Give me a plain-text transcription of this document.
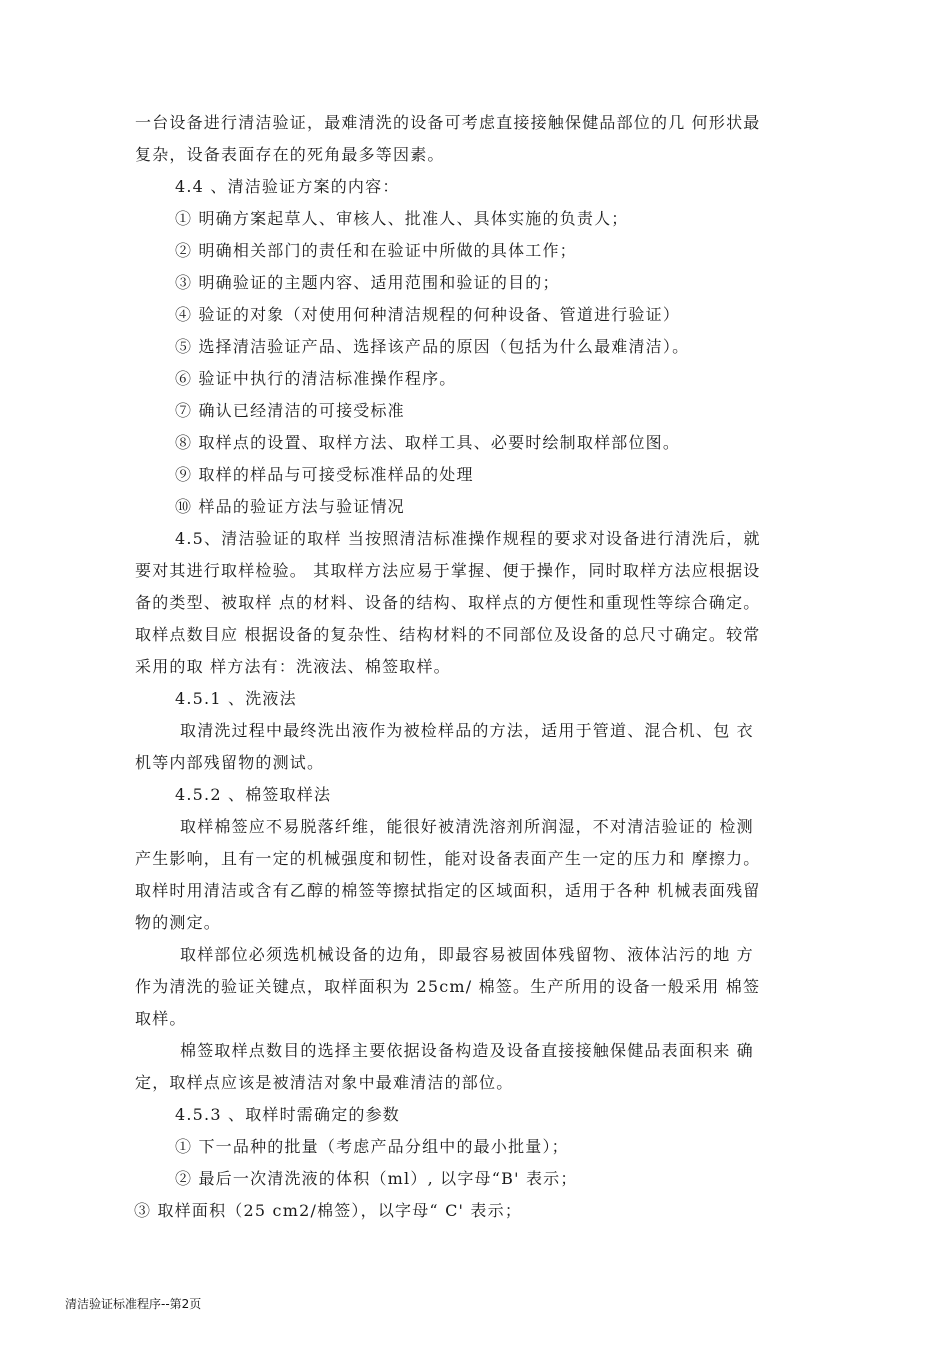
一台设备进行清洁验证，最难清洗的设备可考虑直接接触保健品部位的几 何形状最
复杂，设备表面存在的死角最多等因素。
4.4 、清洁验证方案的内容：
① 明确方案起草人、审核人、批准人、具体实施的负责人；
② 明确相关部门的责任和在验证中所做的具体工作；
③ 明确验证的主题内容、适用范围和验证的目的；
④ 验证的对象（对使用何种清洁规程的何种设备、管道进行验证）
⑤ 选择清洁验证产品、选择该产品的原因（包括为什么最难清洁）。
⑥ 验证中执行的清洁标准操作程序。
⑦ 确认已经清洁的可接受标准
⑧ 取样点的设置、取样方法、取样工具、必要时绘制取样部位图。
⑨ 取样的样品与可接受标准样品的处理
⑩ 样品的验证方法与验证情况
4.5、清洁验证的取样 当按照清洁标准操作规程的要求对设备进行清洗后，就
要对其进行取样检验。 其取样方法应易于掌握、便于操作，同时取样方法应根据设
备的类型、被取样 点的材料、设备的结构、取样点的方便性和重现性等综合确定。
取样点数目应 根据设备的复杂性、结构材料的不同部位及设备的总尺寸确定。较常
采用的取 样方法有：洗液法、棉签取样。
4.5.1 、洗液法
取清洗过程中最终洗出液作为被检样品的方法，适用于管道、混合机、包 衣
机等内部残留物的测试。
4.5.2 、棉签取样法
取样棉签应不易脱落纤维，能很好被清洗溶剂所润湿，不对清洁验证的 检测
产生影响，且有一定的机械强度和韧性，能对设备表面产生一定的压力和 摩擦力。
取样时用清洁或含有乙醇的棉签等擦拭指定的区域面积，适用于各种 机械表面残留
物的测定。
取样部位必须选机械设备的边角，即最容易被固体残留物、液体沾污的地 方
作为清洗的验证关键点，取样面积为 25cm/ 棉签。生产所用的设备一般采用 棉签
取样。
棉签取样点数目的选择主要依据设备构造及设备直接接触保健品表面积来 确
定，取样点应该是被清洁对象中最难清洁的部位。
4.5.3 、取样时需确定的参数
① 下一品种的批量（考虑产品分组中的最小批量）；
② 最后一次清洗液的体积（ml）, 以字母“B' 表示；
③ 取样面积（25 cm2/棉签），以字母“ C' 表示；
清洁验证标准程序--第2页
